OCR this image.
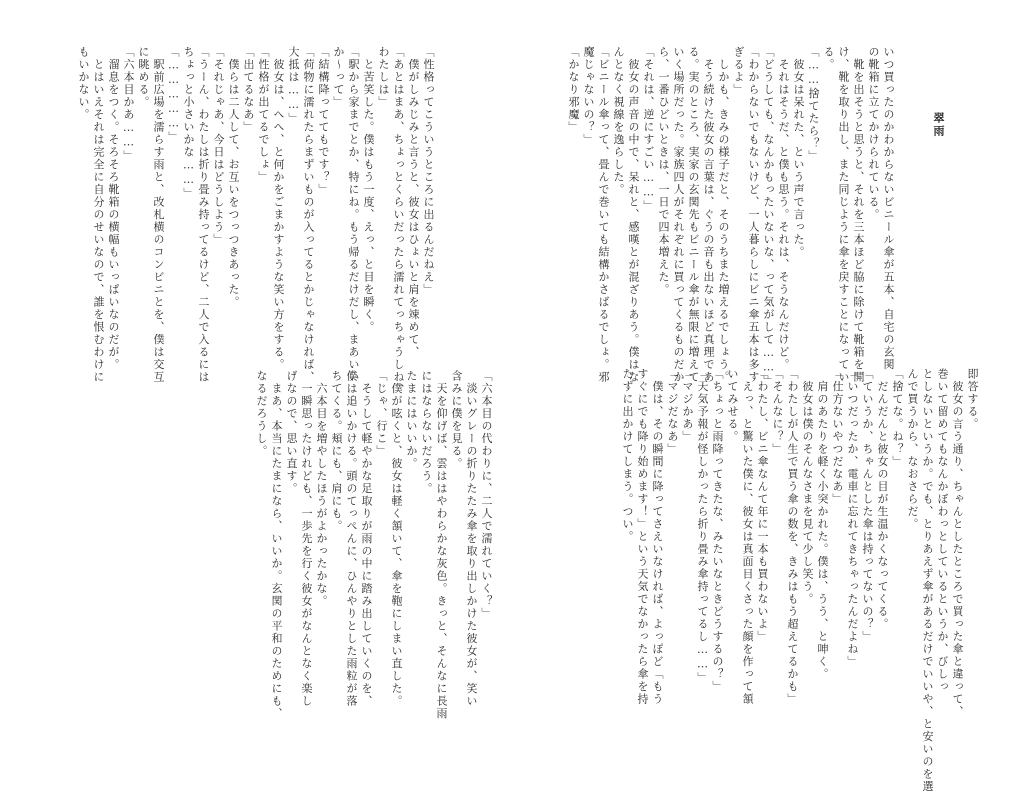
翠雨
いつ買ったのかわからないビニール傘が五本、自宅の玄関
の靴箱に立てかけられている。
　靴を出そうと思うと、それを三本ほど脇に除けて靴箱を開
け、靴を取り出し、また同じように傘を戻すことになってい
る。
「……捨てたら？」
　彼女は呆れた、という声で言った。
　それはそうだ、と僕も思う。それは、そうなんだけど。
「どうしても、なんかもったいないな、って気がして……」
「わからないでもないけど、一人暮らしにビニ傘五本は多す
ぎるよ」
　しかも、きみの様子だと、そのうちまた増えるでしょう。
　そう続けた彼女の言葉は、ぐうの音も出ないほど真理であ
る。実のところ、実家の玄関先もビニール傘が無限に増えて
いく場所だった。家族四人がそれぞれに買ってくるものだか
ら、一番ひどいときは、一日で四本増えた。
「それは、逆にすごい……」
　彼女の声音の中で、呆れと、感嘆とが混ざりあう。僕はな
んとなく視線を逸らした。
「ビニール傘って、畳んで巻いても結構かさばるでしょ。邪
魔じゃないの？」
「かなり邪魔」
「性格ってこういうところに出るんだねえ」
　僕がしみじみと言うと、彼女はひょいと肩を竦めて、
「あとはまあ、ちょっとくらいだったら濡れてっちゃうしね、
わたしは」
　と苦笑した。僕はもう一度、えっ、と目を瞬く。
「駅から家までとか、特にね。もう帰るだけだし、まあいい
か～って」
「結構降っててもです？」
「荷物に濡れたらまずいものが入ってるとかじゃなければ、
大抵は……」
　彼女は、へへ、と何かをごまかすような笑い方をする。
「性格が出てるでしょ」
「出てるなあ」
　僕らは二人して、お互いをつっつきあった。
「それじゃあ、今日はどうしよう」
「うーん、わたしは折り畳み持ってるけど、二人で入るには
ちょっと小さいかな……」
「……………」
　駅前広場を濡らす雨と、改札横のコンビニとを、僕は交互
に眺める。
「六本目かあ……」
　溜息をつく。そろそろ靴箱の横幅もいっぱいなのだが。
　とはいえそれは完全に自分のせいなので、誰を恨むわけに
もいかない。
即答する。
　彼女の言う通り、ちゃんとしたところで買った傘と違って、
巻いて留めてもなんかぼわっとしているというか、びしっ
としないというか。でも、とりあえず傘があるだけでいいや、と安いのを選
んで買うから、なおさらだ。
「捨てな。ね？」
　だんだんと彼女の目が生温かくなってくる。
「ていうか、ちゃんとした傘は持ってないの？」
「いつだったか、電車に忘れてきちゃったんだよね」
「仕方ないやつだなあ」
　肩のあたりを軽く小突かれた。僕は、うう、と呻く。
　彼女は僕のそんなさまを見て少し笑う。
「わたしが人生で買う傘の数を、きみはもう超えてるかも」
「そんなに？」
「わたし、ビニ傘なんて年に一本も買わないよ」
　えっ、と驚いた僕に、彼女は真面目くさった顔を作って頷
いてみせる。
「ちょっと雨降ってきたな、みたいなときどうするの？」
「天気予報が怪しかったら折り畳み傘持ってるし……」
「マジかあ」
「マジだなあ」
　僕は、その瞬間に降ってさえいなければ、よっぽど「もう
すぐにでも降り始めます！」という天気でなかったら傘を持
たずに出かけてしまう。つい。
「六本目の代わりに、二人で濡れていく？」
　淡いグレーの折りたたみ傘を取り出しかけた彼女が、笑い
含みに僕を見る。
　天を仰げば、雲ははやわらかな灰色。きっと、そんなに長雨
にはならないだろう。
たまにはいいか。
　僕が呟くと、彼女は軽く頷いて、傘を鞄にしまい直した。
「じゃ、行こ」
　そうして軽やかな足取りが雨の中に踏み出していくのを、
僕は追いかける。頭のてっぺんに、ひんやりとした雨粒が落
ちてくる。頬にも、肩にも。
　六本目を増やしたほうがよかったかな。
　一瞬思ったけれども、一歩先を行く彼女がなんとなく楽し
げなので、思い直す。
　まあ、本当にたまになら、いいか。玄関の平和のためにも、
なるだろうし。
